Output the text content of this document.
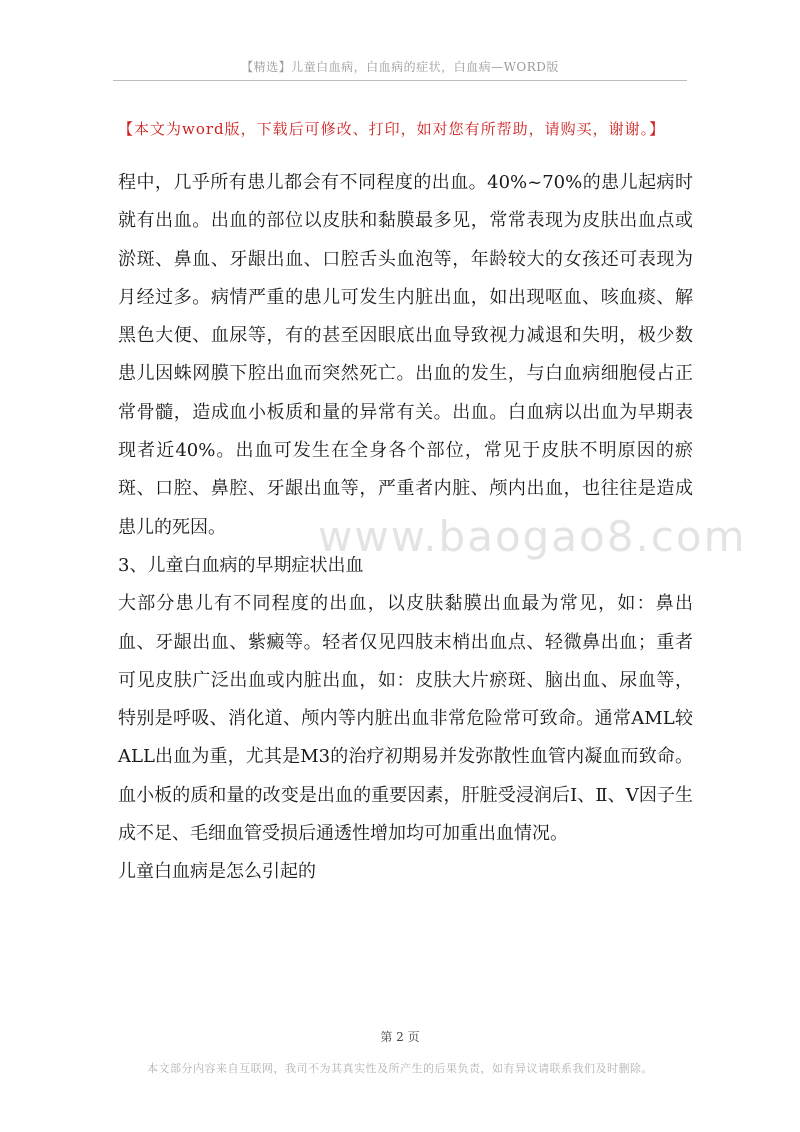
【精选】儿童白血病，白血病的症状，白血病—WORD版
【本文为word版，下载后可修改、打印，如对您有所帮助，请购买，谢谢。】

程中，几乎所有患儿都会有不同程度的出血。40%~70%的患儿起病时就有出血。出血的部位以皮肤和黏膜最多见，常常表现为皮肤出血点或淤斑、鼻血、牙龈出血、口腔舌头血泡等，年龄较大的女孩还可表现为月经过多。病情严重的患儿可发生内脏出血，如出现呕血、咳血痰、解黑色大便、血尿等，有的甚至因眼底出血导致视力减退和失明，极少数患儿因蛛网膜下腔出血而突然死亡。出血的发生，与白血病细胞侵占正常骨髓，造成血小板质和量的异常有关。出血。白血病以出血为早期表现者近40%。出血可发生在全身各个部位，常见于皮肤不明原因的瘀斑、口腔、鼻腔、牙龈出血等，严重者内脏、颅内出血，也往往是造成患儿的死因。

3、儿童白血病的早期症状出血

大部分患儿有不同程度的出血，以皮肤黏膜出血最为常见，如：鼻出血、牙龈出血、紫癜等。轻者仅见四肢末梢出血点、轻微鼻出血；重者可见皮肤广泛出血或内脏出血，如：皮肤大片瘀斑、脑出血、尿血等，特别是呼吸、消化道、颅内等内脏出血非常危险常可致命。通常AML较ALL出血为重，尤其是M3的治疗初期易并发弥散性血管内凝血而致命。血小板的质和量的改变是出血的重要因素，肝脏受浸润后Ⅰ、Ⅱ、Ⅴ因子生成不足、毛细血管受损后通透性增加均可加重出血情况。

儿童白血病是怎么引起的

www.baogao8.com
第 2 页
本文部分内容来自互联网，我司不为其真实性及所产生的后果负责，如有异议请联系我们及时删除。
